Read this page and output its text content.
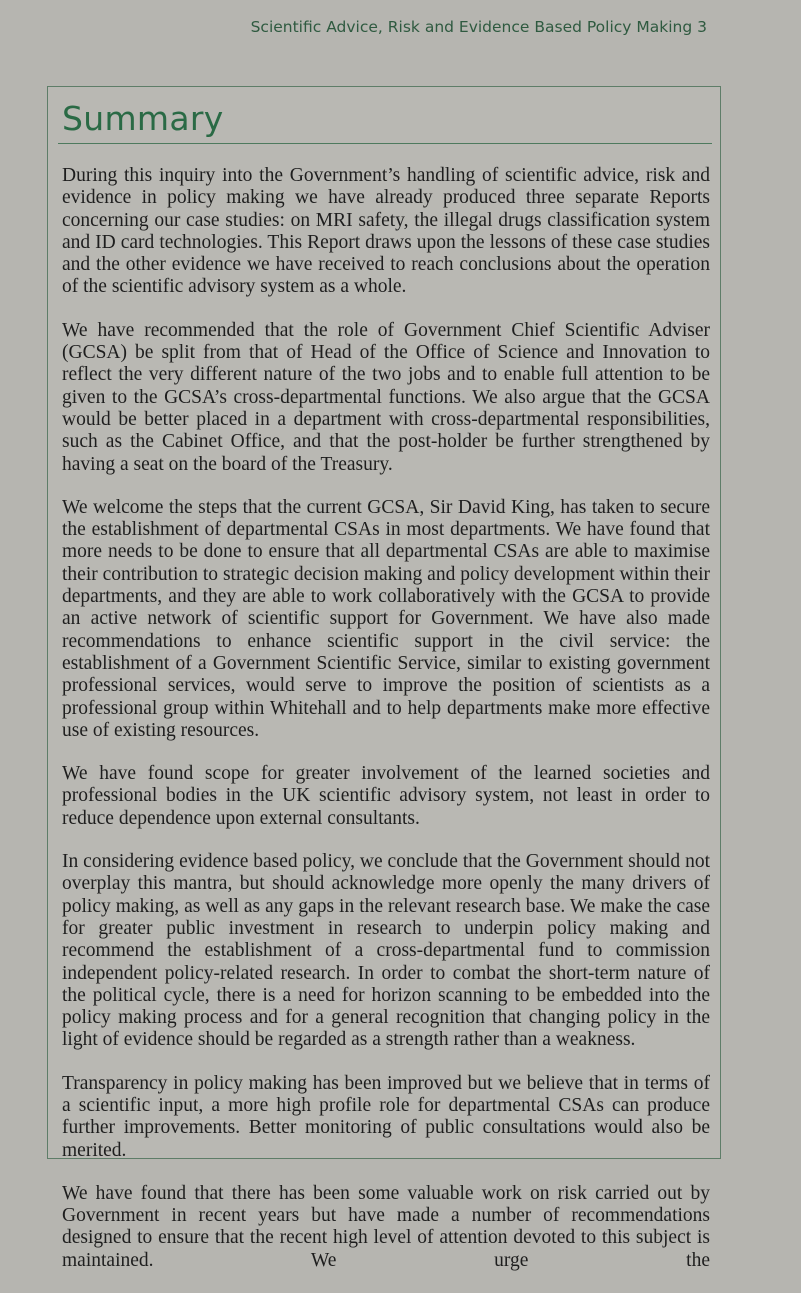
Scientific Advice, Risk and Evidence Based Policy Making 3
Summary

During this inquiry into the Government’s handling of scientific advice, risk and evidence in policy making we have already produced three separate Reports concerning our case studies: on MRI safety, the illegal drugs classification system and ID card technologies. This Report draws upon the lessons of these case studies and the other evidence we have received to reach conclusions about the operation of the scientific advisory system as a whole.

We have recommended that the role of Government Chief Scientific Adviser (GCSA) be split from that of Head of the Office of Science and Innovation to reflect the very different nature of the two jobs and to enable full attention to be given to the GCSA’s cross-departmental functions. We also argue that the GCSA would be better placed in a department with cross-departmental responsibilities, such as the Cabinet Office, and that the post-holder be further strengthened by having a seat on the board of the Treasury.

We welcome the steps that the current GCSA, Sir David King, has taken to secure the establishment of departmental CSAs in most departments. We have found that more needs to be done to ensure that all departmental CSAs are able to maximise their contribution to strategic decision making and policy development within their departments, and they are able to work collaboratively with the GCSA to provide an active network of scientific support for Government. We have also made recommendations to enhance scientific support in the civil service: the establishment of a Government Scientific Service, similar to existing government professional services, would serve to improve the position of scientists as a professional group within Whitehall and to help departments make more effective use of existing resources.

We have found scope for greater involvement of the learned societies and professional bodies in the UK scientific advisory system, not least in order to reduce dependence upon external consultants.

In considering evidence based policy, we conclude that the Government should not overplay this mantra, but should acknowledge more openly the many drivers of policy making, as well as any gaps in the relevant research base. We make the case for greater public investment in research to underpin policy making and recommend the establishment of a cross-departmental fund to commission independent policy-related research. In order to combat the short-term nature of the political cycle, there is a need for horizon scanning to be embedded into the policy making process and for a general recognition that changing policy in the light of evidence should be regarded as a strength rather than a weakness.

Transparency in policy making has been improved but we believe that in terms of a scientific input, a more high profile role for departmental CSAs can produce further improvements. Better monitoring of public consultations would also be merited.

We have found that there has been some valuable work on risk carried out by Government in recent years but have made a number of recommendations designed to ensure that the recent high level of attention devoted to this subject is maintained. We urge the
